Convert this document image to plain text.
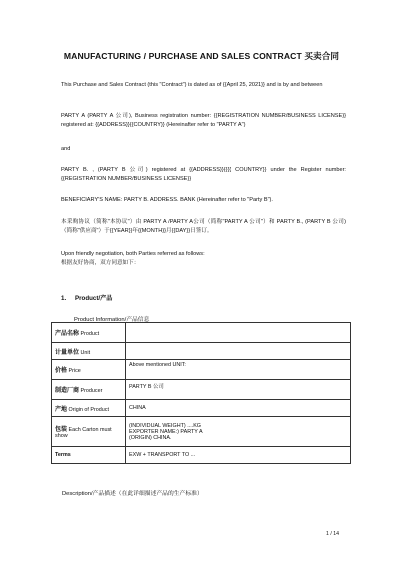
MANUFACTURING / PURCHASE AND SALES CONTRACT 买卖合同
This Purchase and Sales Contract (this "Contract") is dated as of {{April 25, 2021}} and is by and between
PARTY A (PARTY A 公司), Business registration number: {{REGISTRATION NUMBER/BUSINESS LICENSE}} registered at: {{ADDRESS}}{{COUNTRY}} (Hereinafter refer to "PARTY A")
and
PARTY B. , (PARTY B 公司) registered at {{ADDRESS}}{{{{ COUNTRY}} under the Register number: {{REGISTRATION NUMBER/BUSINESS LICENSE}}
BENEFICIARY'S NAME: PARTY B. ADDRESS. BANK (Hereinafter refer to "Party B").
本采购协议（简称"本协议"）由 PARTY A /PARTY A公司（简称"PARTY A 公司"）和 PARTY B., (PARTY B 公司)（简称"供应商"）于{{YEAR}}年{{MONTH}}月{{DAY}}日签订。
Upon friendly negotiation, both Parties referred as follows:
根据友好协商，双方同意如下：
1. Product/产品
Product Information/产品信息
产品名称 Product	
计量单位 Unit	
价格 Price	Above mentioned UNIT:
制造厂商 Producer	PARTY B 公司
产地 Origin of Product	CHINA
包装 Each Carton must show	(INDIVIDUAL WEIGHT) ....KG
EXPORTER NAME:) PARTY A
(ORIGIN) CHINA.

Terms	EXW + TRANSPORT TO ...
Description/产品描述（在此详细描述产品的生产标准）
1 / 14
